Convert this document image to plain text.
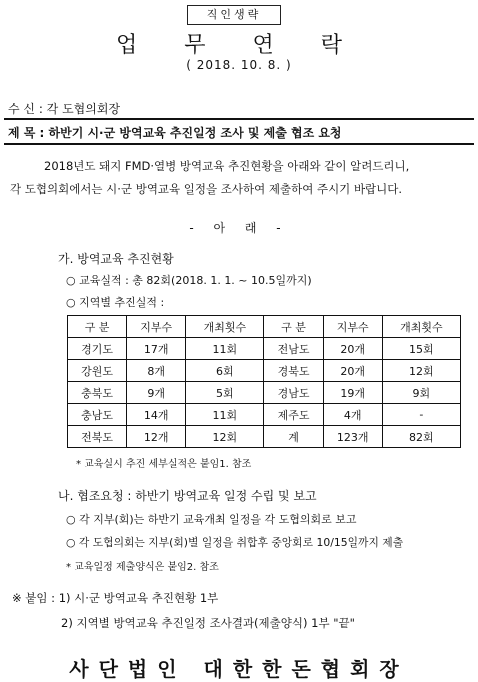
직인생략
업 무 연 락
( 2018. 10. 8. )
수 신 : 각 도협의회장
제 목 : 하반기 시·군 방역교육 추진일정 조사 및 제출 협조 요청
2018년도 돼지 FMD·열병 방역교육 추진현황을 아래와 같이 알려드리니,
각 도협의회에서는 시·군 방역교육 일정을 조사하여 제출하여 주시기 바랍니다.
- 아 래 -
가. 방역교육 추진현황
○ 교육실적 : 총 82회(2018. 1. 1. ~ 10.5일까지)
○ 지역별 추진실적 :
구 분	지부수	개최횟수	구 분	지부수	개최횟수
경기도	17개	11회	전남도	20개	15회
강원도	8개	6회	경북도	20개	12회
충북도	9개	5회	경남도	19개	9회
충남도	14개	11회	제주도	4개	-
전북도	12개	12회	계	123개	82회
* 교육실시 추진 세부실적은 붙임1. 참조
나. 협조요청 : 하반기 방역교육 일정 수립 및 보고
○ 각 지부(회)는 하반기 교육개최 일정을 각 도협의회로 보고
○ 각 도협의회는 지부(회)별 일정을 취합후 중앙회로 10/15일까지 제출
* 교육일정 제출양식은 붙임2. 참조
※ 붙임 : 1) 시·군 방역교육 추진현황 1부
2) 지역별 방역교육 추진일정 조사결과(제출양식) 1부 "끝"
사단법인 대한한돈협회장
